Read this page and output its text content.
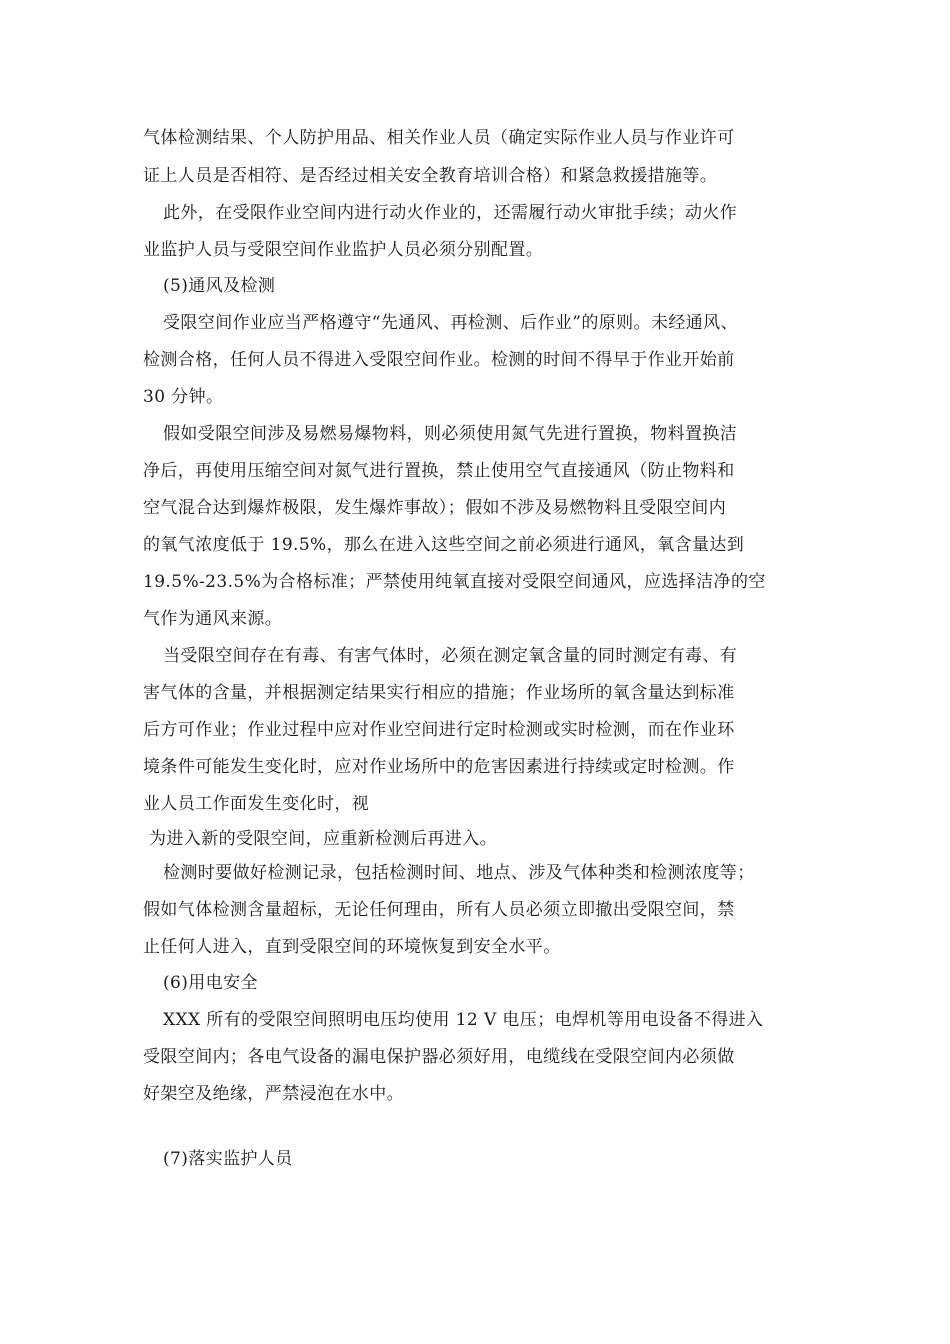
气体检测结果、个人防护用品、相关作业人员（确定实际作业人员与作业许可
证上人员是否相符、是否经过相关安全教育培训合格）和紧急救援措施等。
此外，在受限作业空间内进行动火作业的，还需履行动火审批手续；动火作
业监护人员与受限空间作业监护人员必须分别配置。
(5)通风及检测
受限空间作业应当严格遵守“先通风、再检测、后作业”的原则。未经通风、
检测合格，任何人员不得进入受限空间作业。检测的时间不得早于作业开始前
30 分钟。
假如受限空间涉及易燃易爆物料，则必须使用氮气先进行置换，物料置换洁
净后，再使用压缩空间对氮气进行置换，禁止使用空气直接通风（防止物料和
空气混合达到爆炸极限，发生爆炸事故）；假如不涉及易燃物料且受限空间内
的氧气浓度低于 19.5%，那么在进入这些空间之前必须进行通风，氧含量达到
19.5%-23.5%为合格标准；严禁使用纯氧直接对受限空间通风，应选择洁净的空
气作为通风来源。
当受限空间存在有毒、有害气体时，必须在测定氧含量的同时测定有毒、有
害气体的含量，并根据测定结果实行相应的措施；作业场所的氧含量达到标准
后方可作业；作业过程中应对作业空间进行定时检测或实时检测，而在作业环
境条件可能发生变化时，应对作业场所中的危害因素进行持续或定时检测。作
业人员工作面发生变化时，视
为进入新的受限空间，应重新检测后再进入。
检测时要做好检测记录，包括检测时间、地点、涉及气体种类和检测浓度等；
假如气体检测含量超标，无论任何理由，所有人员必须立即撤出受限空间，禁
止任何人进入，直到受限空间的环境恢复到安全水平。
(6)用电安全
XXX 所有的受限空间照明电压均使用 12 V 电压；电焊机等用电设备不得进入
受限空间内；各电气设备的漏电保护器必须好用，电缆线在受限空间内必须做
好架空及绝缘，严禁浸泡在水中。
(7)落实监护人员
